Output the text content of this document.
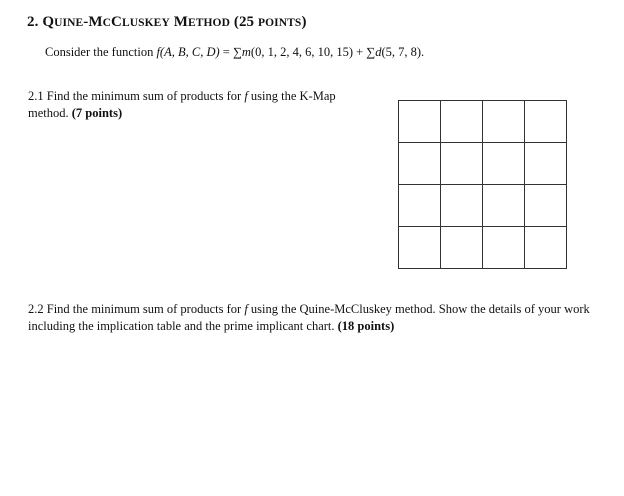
2. QUINE-MCCLUSKEY METHOD (25 POINTS)
Consider the function f(A, B, C, D) = ∑m(0, 1, 2, 4, 6, 10, 15) + ∑d(5, 7, 8).
2.1 Find the minimum sum of products for f using the K-Map method. (7 points)

2.2 Find the minimum sum of products for f using the Quine-McCluskey method. Show the details of your work including the implication table and the prime implicant chart. (18 points)
